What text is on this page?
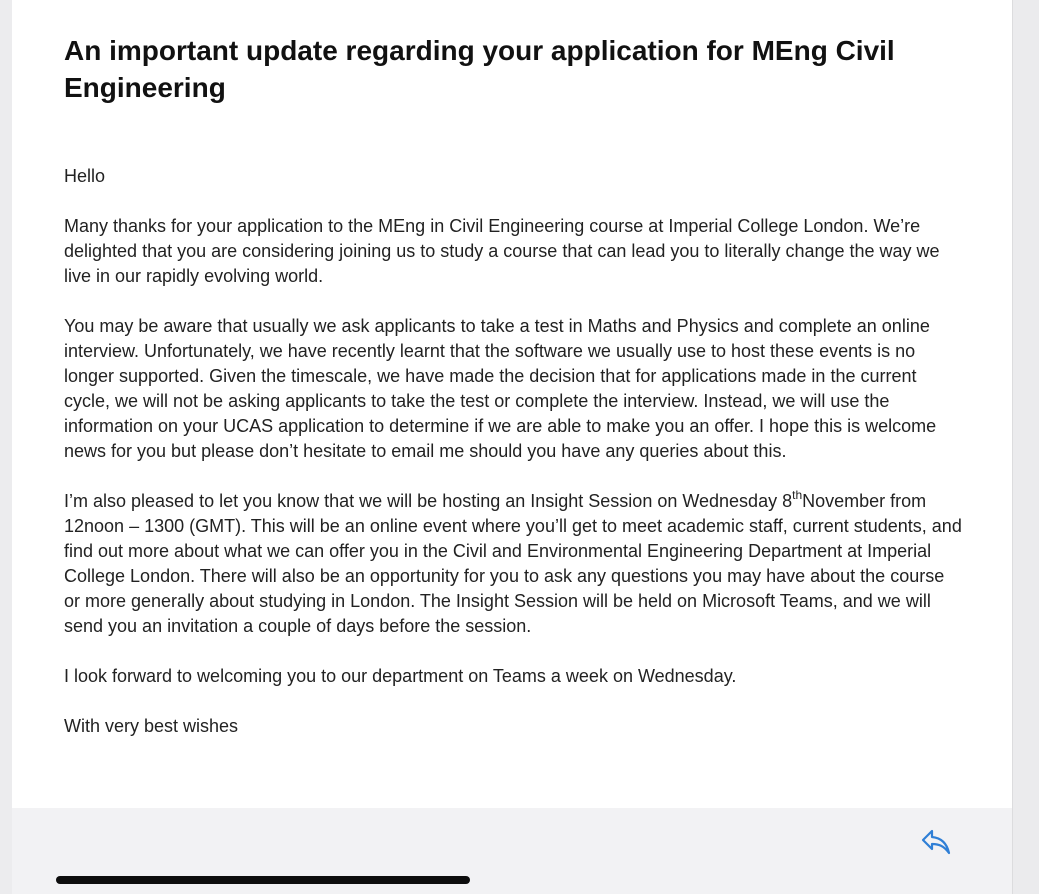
An important update regarding your application for MEng Civil Engineering

Hello

Many thanks for your application to the MEng in Civil Engineering course at Imperial College London. We’re delighted that you are considering joining us to study a course that can lead you to literally change the way we live in our rapidly evolving world.

You may be aware that usually we ask applicants to take a test in Maths and Physics and complete an online interview. Unfortunately, we have recently learnt that the software we usually use to host these events is no longer supported. Given the timescale, we have made the decision that for applications made in the current cycle, we will not be asking applicants to take the test or complete the interview. Instead, we will use the information on your UCAS application to determine if we are able to make you an offer. I hope this is welcome news for you but please don’t hesitate to email me should you have any queries about this.

I’m also pleased to let you know that we will be hosting an Insight Session on Wednesday 8thNovember from 12noon – 1300 (GMT). This will be an online event where you’ll get to meet academic staff, current students, and find out more about what we can offer you in the Civil and Environmental Engineering Department at Imperial College London. There will also be an opportunity for you to ask any questions you may have about the course or more generally about studying in London. The Insight Session will be held on Microsoft Teams, and we will send you an invitation a couple of days before the session.

I look forward to welcoming you to our department on Teams a week on Wednesday.

With very best wishes
